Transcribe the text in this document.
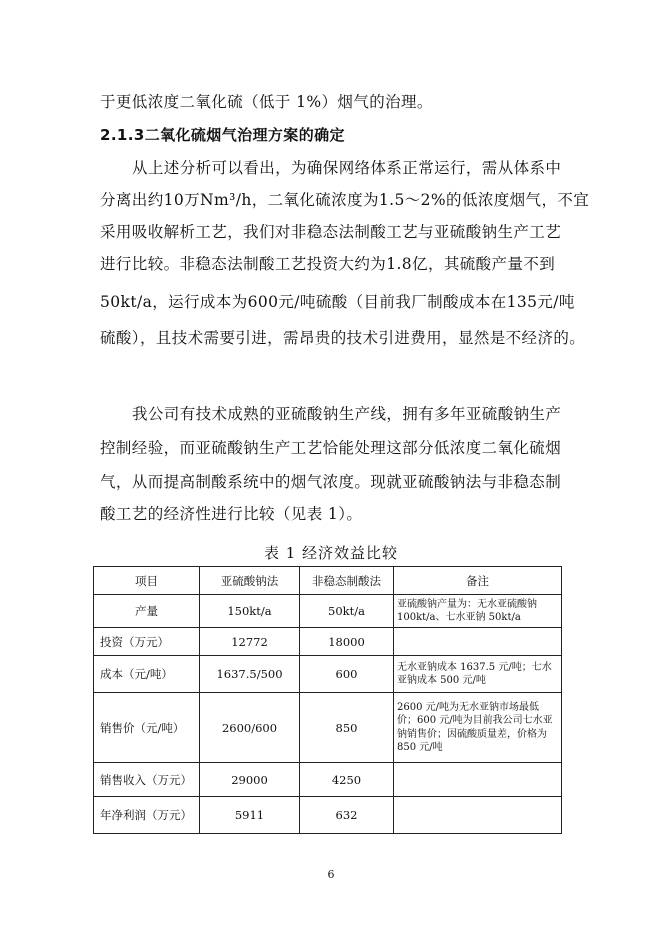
于更低浓度二氧化硫（低于 1%）烟气的治理。
2.1.3二氧化硫烟气治理方案的确定
从上述分析可以看出，为确保网络体系正常运行，需从体系中
分离出约10万Nm³/h，二氧化硫浓度为1.5～2%的低浓度烟气，不宜
采用吸收解析工艺，我们对非稳态法制酸工艺与亚硫酸钠生产工艺
进行比较。非稳态法制酸工艺投资大约为1.8亿，其硫酸产量不到
50kt/a，运行成本为600元/吨硫酸（目前我厂制酸成本在135元/吨
硫酸），且技术需要引进，需昂贵的技术引进费用，显然是不经济的。
我公司有技术成熟的亚硫酸钠生产线，拥有多年亚硫酸钠生产
控制经验，而亚硫酸钠生产工艺恰能处理这部分低浓度二氧化硫烟
气，从而提高制酸系统中的烟气浓度。现就亚硫酸钠法与非稳态制
酸工艺的经济性进行比较（见表 1）。
表 1 经济效益比较
项目	亚硫酸钠法	非稳态制酸法	备注
产量	150kt/a	50kt/a	亚硫酸钠产量为：无水亚硫酸钠100kt/a、七水亚钠 50kt/a
投资（万元）	12772	18000	
成本（元/吨）	1637.5/500	600	无水亚钠成本 1637.5 元/吨；七水亚钠成本 500 元/吨
销售价（元/吨）	2600/600	850	2600 元/吨为无水亚钠市场最低价；600 元/吨为目前我公司七水亚钠销售价；因硫酸质量差，价格为 850 元/吨
销售收入（万元）	29000	4250	
年净利润（万元）	5911	632	
6
